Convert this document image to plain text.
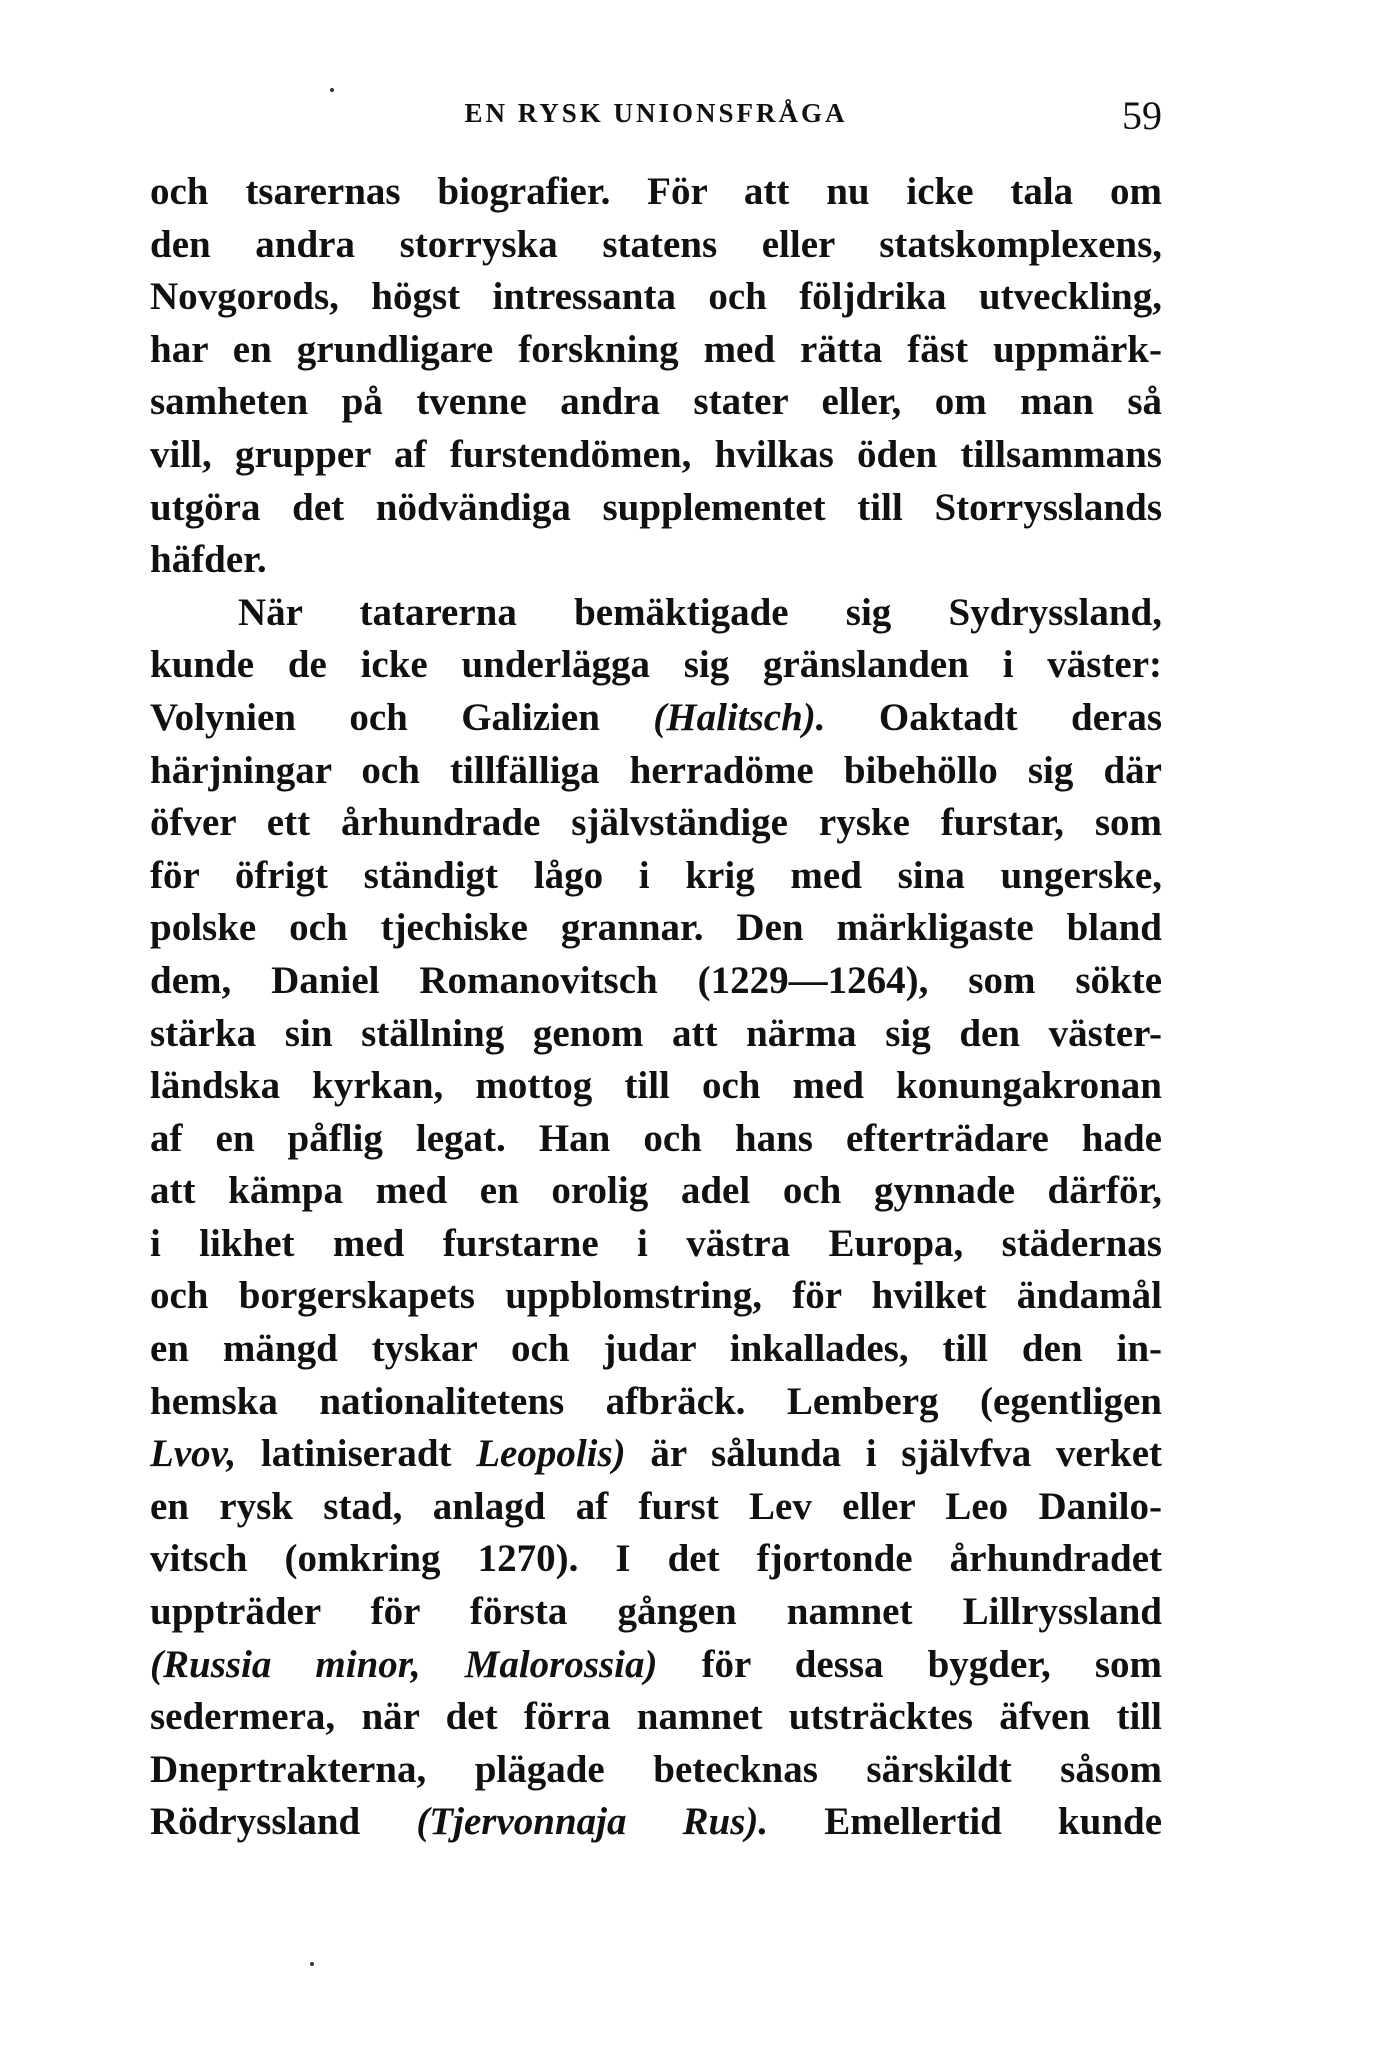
EN RYSK UNIONSFRÅGA	59
och tsarernas biografier. För att nu icke tala om
den andra storryska statens eller statskomplexens,
Novgorods, högst intressanta och följdrika utveckling,
har en grundligare forskning med rätta fäst uppmärk-
samheten på tvenne andra stater eller, om man så
vill, grupper af furstendömen, hvilkas öden tillsammans
utgöra det nödvändiga supplementet till Storrysslands
häfder.
När tatarerna bemäktigade sig Sydryssland,
kunde de icke underlägga sig gränslanden i väster:
Volynien och Galizien (Halitsch). Oaktadt deras
härjningar och tillfälliga herradöme bibehöllo sig där
öfver ett århundrade självständige ryske furstar, som
för öfrigt ständigt lågo i krig med sina ungerske,
polske och tjechiske grannar. Den märkligaste bland
dem, Daniel Romanovitsch (1229—1264), som sökte
stärka sin ställning genom att närma sig den väster-
ländska kyrkan, mottog till och med konungakronan
af en påflig legat. Han och hans efterträdare hade
att kämpa med en orolig adel och gynnade därför,
i likhet med furstarne i västra Europa, städernas
och borgerskapets uppblomstring, för hvilket ändamål
en mängd tyskar och judar inkallades, till den in-
hemska nationalitetens afbräck. Lemberg (egentligen
Lvov, latiniseradt Leopolis) är sålunda i självfva verket
en rysk stad, anlagd af furst Lev eller Leo Danilo-
vitsch (omkring 1270). I det fjortonde århundradet
uppträder för första gången namnet Lillryssland
(Russia minor, Malorossia) för dessa bygder, som
sedermera, när det förra namnet utsträcktes äfven till
Dneprtrakterna, plägade betecknas särskildt såsom
Rödryssland (Tjervonnaja Rus). Emellertid kunde
